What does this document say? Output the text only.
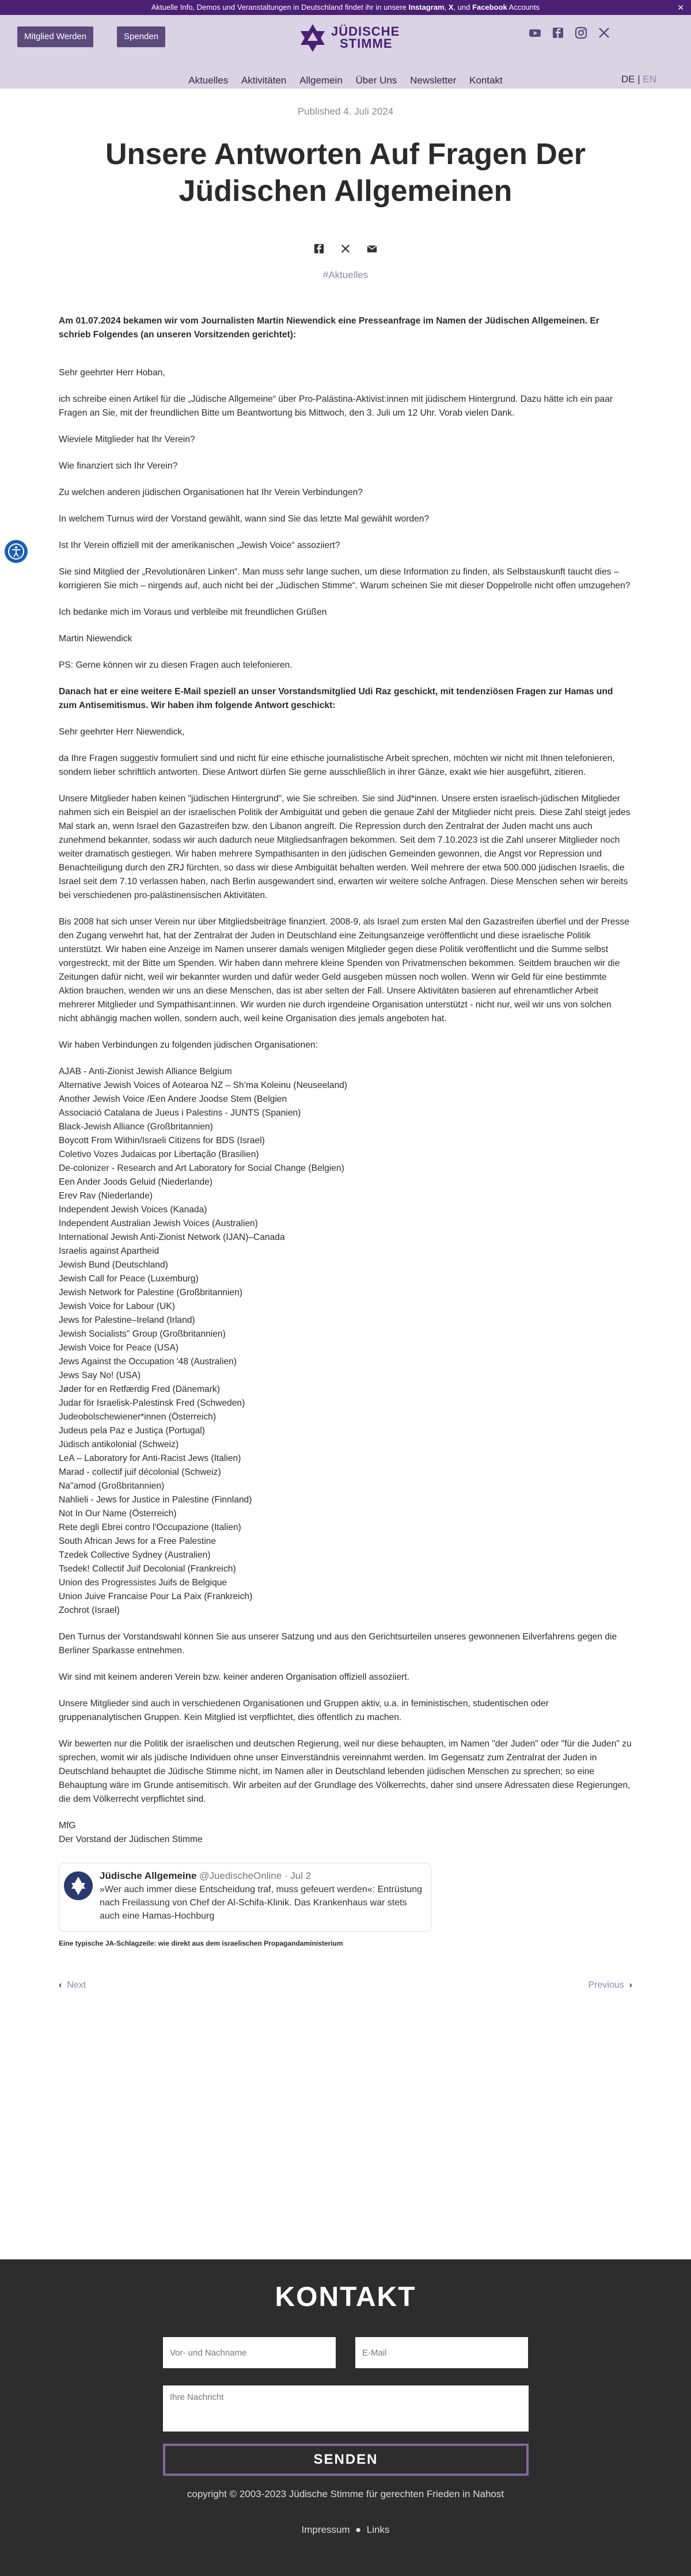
Aktuelle Info, Demos und Veranstaltungen in Deutschland findet ihr in unsere Instagram, X, und Facebook Accounts	✕
Mitglied Werden	Spenden	JÜDISCHE
STIMME
Aktuelles Aktivitäten Allgemein Über Uns Newsletter Kontakt	DE | EN
Published 4. Juli 2024
Unsere Antworten Auf Fragen Der
Jüdischen Allgemeinen

#Aktuelles

Am 01.07.2024 bekamen wir vom Journalisten Martin Niewendick eine Presseanfrage im Namen der Jüdischen Allgemeinen. Er schrieb Folgendes (an unseren Vorsitzenden gerichtet):

Sehr geehrter Herr Hoban,

ich schreibe einen Artikel für die „Jüdische Allgemeine“ über Pro-Palästina-Aktivist:innen mit jüdischem Hintergrund. Dazu hätte ich ein paar Fragen an Sie, mit der freundlichen Bitte um Beantwortung bis Mittwoch, den 3. Juli um 12 Uhr. Vorab vielen Dank.

Wieviele Mitglieder hat Ihr Verein?

Wie finanziert sich Ihr Verein?

Zu welchen anderen jüdischen Organisationen hat Ihr Verein Verbindungen?

In welchem Turnus wird der Vorstand gewählt, wann sind Sie das letzte Mal gewählt worden?

Ist Ihr Verein offiziell mit der amerikanischen „Jewish Voice“ assoziiert?

Sie sind Mitglied der „Revolutionären Linken“. Man muss sehr lange suchen, um diese Information zu finden, als Selbstauskunft taucht dies – korrigieren Sie mich – nirgends auf, auch nicht bei der „Jüdischen Stimme“. Warum scheinen Sie mit dieser Doppelrolle nicht offen umzugehen?

Ich bedanke mich im Voraus und verbleibe mit freundlichen Grüßen

Martin Niewendick

PS: Gerne können wir zu diesen Fragen auch telefonieren.

Danach hat er eine weitere E-Mail speziell an unser Vorstandsmitglied Udi Raz geschickt, mit tendenziösen Fragen zur Hamas und zum Antisemitismus. Wir haben ihm folgende Antwort geschickt:

Sehr geehrter Herr Niewendick,

da Ihre Fragen suggestiv formuliert sind und nicht für eine ethische journalistische Arbeit sprechen, möchten wir nicht mit Ihnen telefonieren, sondern lieber schriftlich antworten. Diese Antwort dürfen Sie gerne ausschließlich in ihrer Gänze, exakt wie hier ausgeführt, zitieren.

Unsere Mitglieder haben keinen "jüdischen Hintergrund", wie Sie schreiben. Sie sind Jüd*innen. Unsere ersten israelisch-jüdischen Mitglieder nahmen sich ein Beispiel an der israelischen Politik der Ambiguität und geben die genaue Zahl der Mitglieder nicht preis. Diese Zahl steigt jedes Mal stark an, wenn Israel den Gazastreifen bzw. den Libanon angreift. Die Repression durch den Zentralrat der Juden macht uns auch zunehmend bekannter, sodass wir auch dadurch neue Mitgliedsanfragen bekommen. Seit dem 7.10.2023 ist die Zahl unserer Mitglieder noch weiter dramatisch gestiegen. Wir haben mehrere Sympathisanten in den jüdischen Gemeinden gewonnen, die Angst vor Repression und Benachteiligung durch den ZRJ fürchten, so dass wir diese Ambiguität behalten werden. Weil mehrere der etwa 500.000 jüdischen Israelis, die Israel seit dem 7.10 verlassen haben, nach Berlin ausgewandert sind, erwarten wir weitere solche Anfragen. Diese Menschen sehen wir bereits bei verschiedenen pro-palästinensischen Aktivitäten.

Bis 2008 hat sich unser Verein nur über Mitgliedsbeiträge finanziert. 2008-9, als Israel zum ersten Mal den Gazastreifen überfiel und der Presse den Zugang verwehrt hat, hat der Zentralrat der Juden in Deutschland eine Zeitungsanzeige veröffentlicht und diese israelische Politik unterstützt. Wir haben eine Anzeige im Namen unserer damals wenigen Mitglieder gegen diese Politik veröffentlicht und die Summe selbst vorgestreckt, mit der Bitte um Spenden. Wir haben dann mehrere kleine Spenden von Privatmenschen bekommen. Seitdem brauchen wir die Zeitungen dafür nicht, weil wir bekannter wurden und dafür weder Geld ausgeben müssen noch wollen. Wenn wir Geld für eine bestimmte Aktion brauchen, wenden wir uns an diese Menschen, das ist aber selten der Fall. Unsere Aktivitäten basieren auf ehrenamtlicher Arbeit mehrerer Mitglieder und Sympathisant:innen. Wir wurden nie durch irgendeine Organisation unterstützt - nicht nur, weil wir uns von solchen nicht abhängig machen wollen, sondern auch, weil keine Organisation dies jemals angeboten hat.

Wir haben Verbindungen zu folgenden jüdischen Organisationen:

AJAB - Anti-Zionist Jewish Alliance Belgium
Alternative Jewish Voices of Aotearoa NZ – Sh’ma Koleinu (Neuseeland)
Another Jewish Voice /Een Andere Joodse Stem (Belgien
Associació Catalana de Jueus i Palestins - JUNTS (Spanien)
Black-Jewish Alliance (Großbritannien)
Boycott From Within/Israeli Citizens for BDS (Israel)
Coletivo Vozes Judaicas por Libertação (Brasilien)
De-colonizer - Research and Art Laboratory for Social Change (Belgien)
Een Ander Joods Geluid (Niederlande)
Erev Rav (Niederlande)
Independent Jewish Voices (Kanada)
Independent Australian Jewish Voices (Australien)
International Jewish Anti-Zionist Network (IJAN)–Canada
Israelis against Apartheid
Jewish Bund (Deutschland)
Jewish Call for Peace (Luxemburg)
Jewish Network for Palestine (Großbritannien)
Jewish Voice for Labour (UK)
Jews for Palestine–Ireland (Irland)
Jewish Socialists" Group (Großbritannien)
Jewish Voice for Peace (USA)
Jews Against the Occupation '48 (Australien)
Jews Say No! (USA)
Jøder for en Retfærdig Fred (Dänemark)
Judar för Israelisk-Palestinsk Fred (Schweden)
Judeobolschewiener*innen (Österreich)
Judeus pela Paz e Justiça (Portugal)
Jüdisch antikolonial (Schweiz)
LeA – Laboratory for Anti-Racist Jews (Italien)
Marad - collectif juif décolonial (Schweiz)
Na"amod (Großbritannien)
Nahlieli - Jews for Justice in Palestine (Finnland)
Not In Our Name (Österreich)
Rete degli Ebrei contro l'Occupazione (Italien)
South African Jews for a Free Palestine
Tzedek Collective Sydney (Australien)
Tsedek! Collectif Juif Decolonial (Frankreich)
Union des Progressistes Juifs de Belgique
Union Juive Francaise Pour La Paix (Frankreich)
Zochrot (Israel)

Den Turnus der Vorstandswahl können Sie aus unserer Satzung und aus den Gerichtsurteilen unseres gewonnenen Eilverfahrens gegen die Berliner Sparkasse entnehmen.

Wir sind mit keinem anderen Verein bzw. keiner anderen Organisation offiziell assoziiert.

Unsere Mitglieder sind auch in verschiedenen Organisationen und Gruppen aktiv, u.a. in feministischen, studentischen oder gruppenanalytischen Gruppen. Kein Mitglied ist verpflichtet, dies öffentlich zu machen.

Wir bewerten nur die Politik der israelischen und deutschen Regierung, weil nur diese behaupten, im Namen "der Juden" oder "für die Juden" zu sprechen, womit wir als jüdische Individuen ohne unser Einverständnis vereinnahmt werden. Im Gegensatz zum Zentralrat der Juden in Deutschland behauptet die Jüdische Stimme nicht, im Namen aller in Deutschland lebenden jüdischen Menschen zu sprechen; so eine Behauptung wäre im Grunde antisemitisch. Wir arbeiten auf der Grundlage des Völkerrechts, daher sind unsere Adressaten diese Regierungen, die dem Völkerrecht verpflichtet sind.

MfG
Der Vorstand der Jüdischen Stimme

Jüdische Allgemeine @JuedischeOnline · Jul 2
»Wer auch immer diese Entscheidung traf, muss gefeuert werden«: Entrüstung nach Freilassung von Chef der Al-Schifa-Klinik. Das Krankenhaus war stets auch eine Hamas-Hochburg
Eine typische JA-Schlagzeile: wie direkt aus dem israelischen Propagandaministerium
‹ Next	Previous ›
KONTAKT
Vor- und Nachname
E-Mail
Ihre Nachricht
SENDEN
copyright © 2003-2023 Jüdische Stimme für gerechten Frieden in Nahost
Impressum  ●  Links
